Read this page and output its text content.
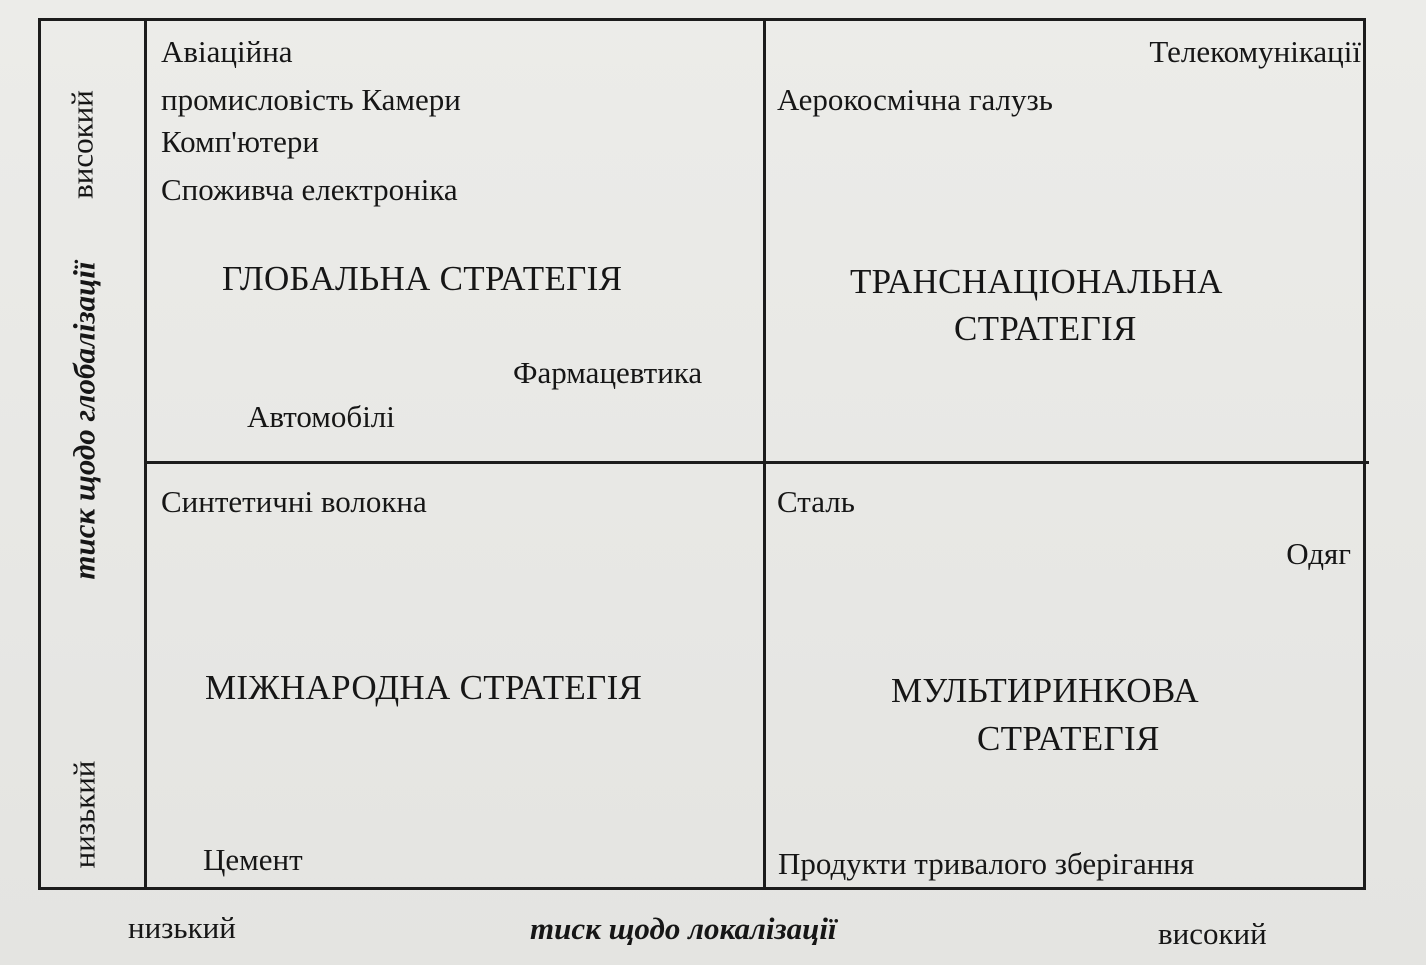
високий
тиск щодо глобалізації
низький
Авіаційна
промисловість Камери
Комп'ютери
Споживча електроніка
ГЛОБАЛЬНА СТРАТЕГІЯ
Автомобілі
Телекомунікації
Аерокосмічна галузь
ТРАНСНАЦІОНАЛЬНА
СТРАТЕГІЯ
Фармацевтика
Синтетичні волокна
МІЖНАРОДНА СТРАТЕГІЯ
Цемент
Сталь
Одяг
МУЛЬТИРИНКОВА
СТРАТЕГІЯ
Продукти тривалого зберігання
низький	тиск щодо локалізації	високий
